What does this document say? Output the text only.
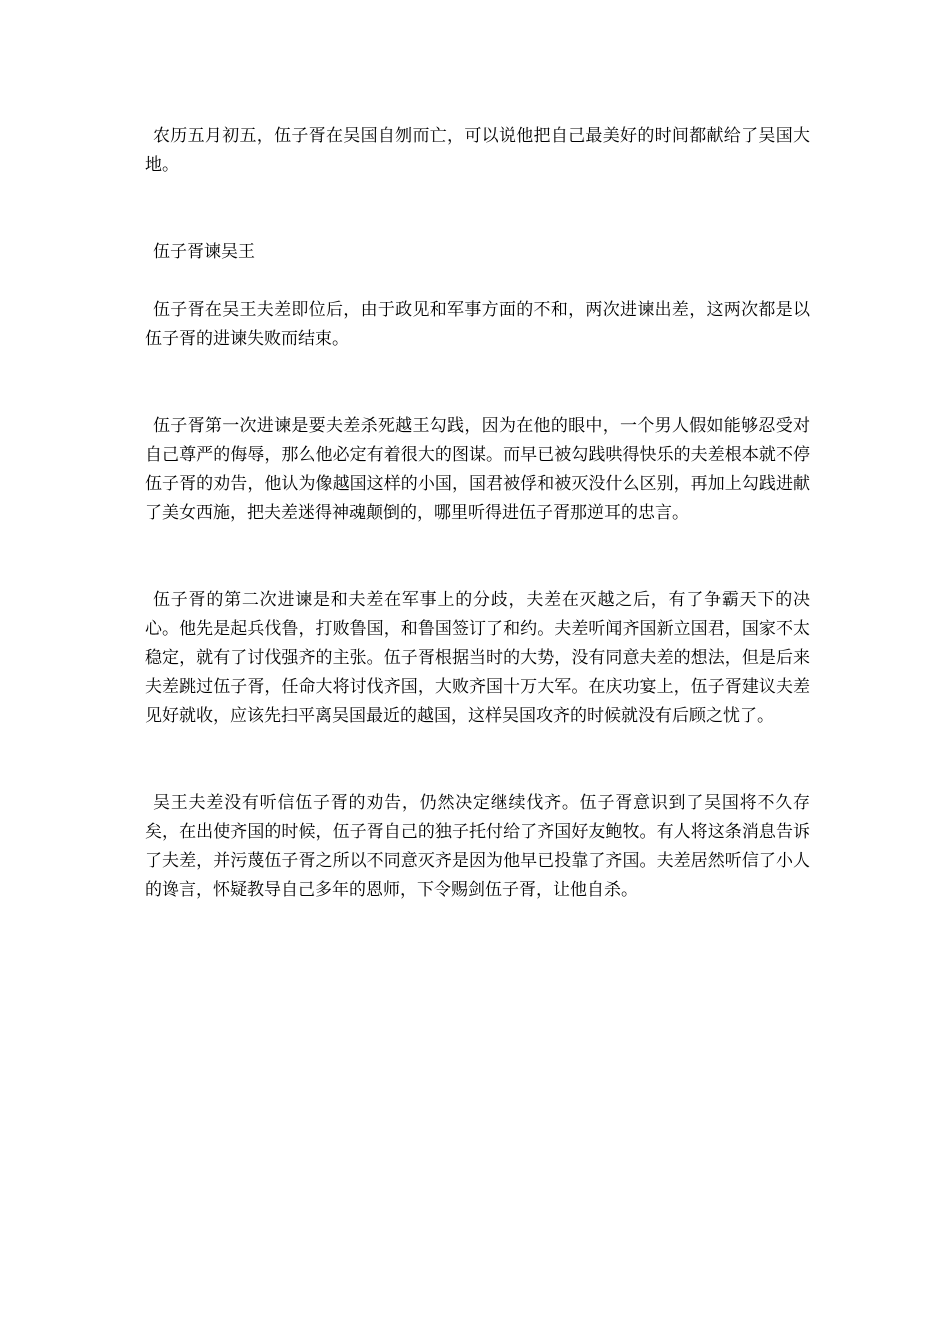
农历五月初五，伍子胥在吴国自刎而亡，可以说他把自己最美好的时间都献给了吴国大地。

伍子胥谏吴王

伍子胥在吴王夫差即位后，由于政见和军事方面的不和，两次进谏出差，这两次都是以伍子胥的进谏失败而结束。

伍子胥第一次进谏是要夫差杀死越王勾践，因为在他的眼中，一个男人假如能够忍受对自己尊严的侮辱，那么他必定有着很大的图谋。而早已被勾践哄得快乐的夫差根本就不停伍子胥的劝告，他认为像越国这样的小国，国君被俘和被灭没什么区别，再加上勾践进献了美女西施，把夫差迷得神魂颠倒的，哪里听得进伍子胥那逆耳的忠言。

伍子胥的第二次进谏是和夫差在军事上的分歧，夫差在灭越之后，有了争霸天下的决心。他先是起兵伐鲁，打败鲁国，和鲁国签订了和约。夫差听闻齐国新立国君，国家不太稳定，就有了讨伐强齐的主张。伍子胥根据当时的大势，没有同意夫差的想法，但是后来夫差跳过伍子胥，任命大将讨伐齐国，大败齐国十万大军。在庆功宴上，伍子胥建议夫差见好就收，应该先扫平离吴国最近的越国，这样吴国攻齐的时候就没有后顾之忧了。

吴王夫差没有听信伍子胥的劝告，仍然决定继续伐齐。伍子胥意识到了吴国将不久存矣，在出使齐国的时候，伍子胥自己的独子托付给了齐国好友鲍牧。有人将这条消息告诉了夫差，并污蔑伍子胥之所以不同意灭齐是因为他早已投靠了齐国。夫差居然听信了小人的谗言，怀疑教导自己多年的恩师，下令赐剑伍子胥，让他自杀。
